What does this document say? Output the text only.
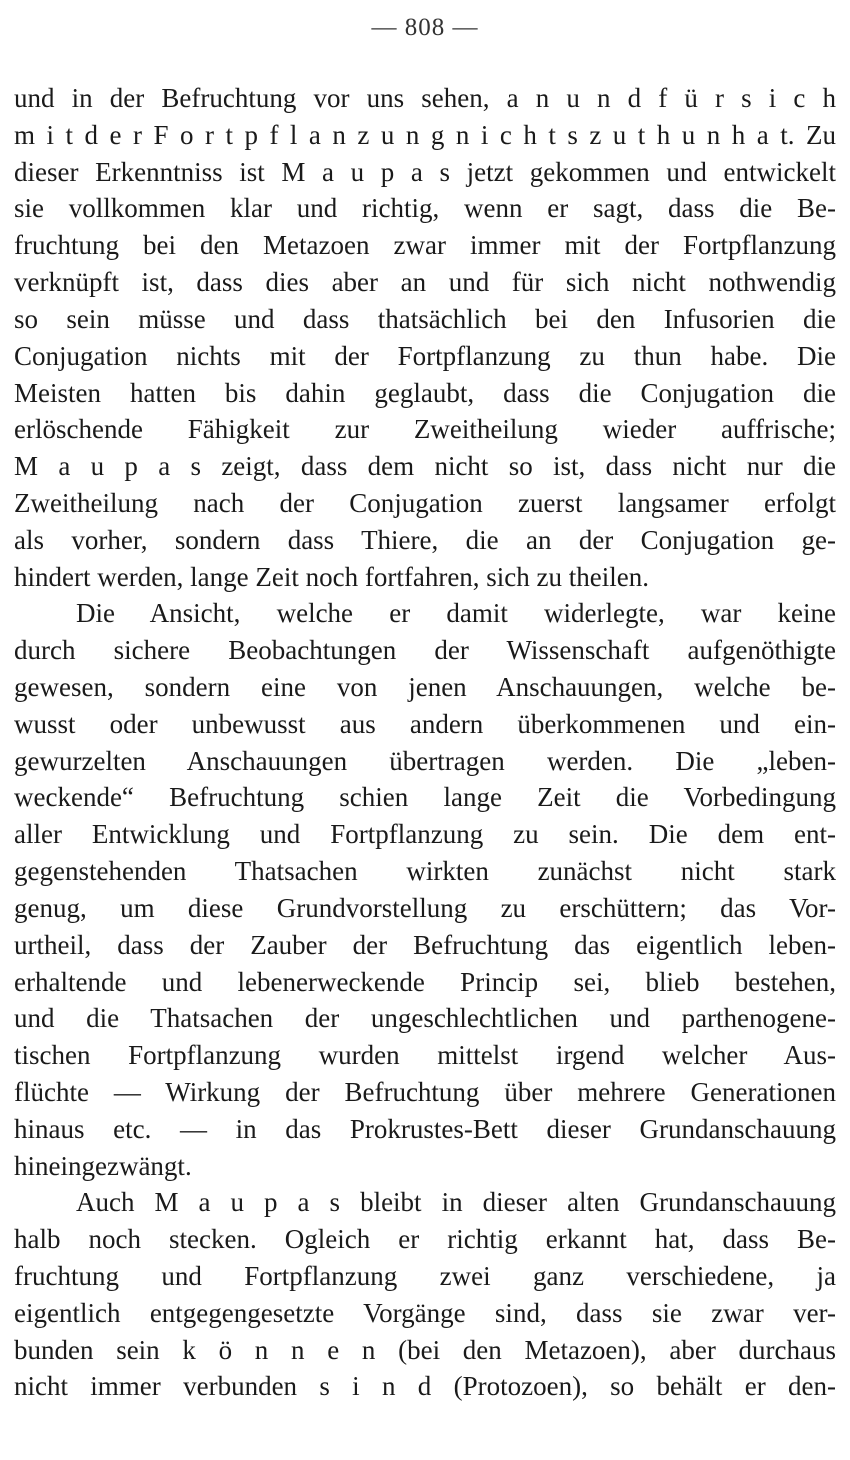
— 808 —
und in der Befruchtung vor uns sehen, a n u n d f ü r s i c h
m i t d e r F o r t p f l a n z u n g n i c h t s z u t h u n h a t. Zu
dieser Erkenntniss ist M a u p a s jetzt gekommen und entwickelt
sie vollkommen klar und richtig, wenn er sagt, dass die Be-
fruchtung bei den Metazoen zwar immer mit der Fortpflanzung
verknüpft ist, dass dies aber an und für sich nicht nothwendig
so sein müsse und dass thatsächlich bei den Infusorien die
Conjugation nichts mit der Fortpflanzung zu thun habe. Die
Meisten hatten bis dahin geglaubt, dass die Conjugation die
erlöschende Fähigkeit zur Zweitheilung wieder auffrische;
M a u p a s zeigt, dass dem nicht so ist, dass nicht nur die
Zweitheilung nach der Conjugation zuerst langsamer erfolgt
als vorher, sondern dass Thiere, die an der Conjugation ge-
hindert werden, lange Zeit noch fortfahren, sich zu theilen.
Die Ansicht, welche er damit widerlegte, war keine
durch sichere Beobachtungen der Wissenschaft aufgenöthigte
gewesen, sondern eine von jenen Anschauungen, welche be-
wusst oder unbewusst aus andern überkommenen und ein-
gewurzelten Anschauungen übertragen werden. Die „leben-
weckende“ Befruchtung schien lange Zeit die Vorbedingung
aller Entwicklung und Fortpflanzung zu sein. Die dem ent-
gegenstehenden Thatsachen wirkten zunächst nicht stark
genug, um diese Grundvorstellung zu erschüttern; das Vor-
urtheil, dass der Zauber der Befruchtung das eigentlich leben-
erhaltende und lebenerweckende Princip sei, blieb bestehen,
und die Thatsachen der ungeschlechtlichen und parthenogene-
tischen Fortpflanzung wurden mittelst irgend welcher Aus-
flüchte — Wirkung der Befruchtung über mehrere Generationen
hinaus etc. — in das Prokrustes-Bett dieser Grundanschauung
hineingezwängt.
Auch M a u p a s bleibt in dieser alten Grundanschauung
halb noch stecken. Ogleich er richtig erkannt hat, dass Be-
fruchtung und Fortpflanzung zwei ganz verschiedene, ja
eigentlich entgegengesetzte Vorgänge sind, dass sie zwar ver-
bunden sein k ö n n e n (bei den Metazoen), aber durchaus
nicht immer verbunden s i n d (Protozoen), so behält er den-
